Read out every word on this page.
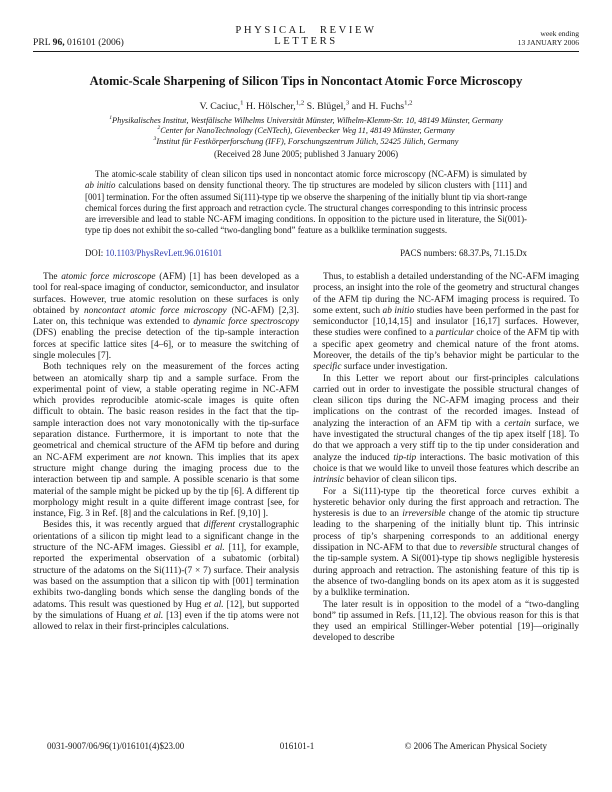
PRL 96, 016101 (2006)
PHYSICAL REVIEW LETTERS
week ending
13 JANUARY 2006
Atomic-Scale Sharpening of Silicon Tips in Noncontact Atomic Force Microscopy
V. Caciuc,$^1$ H. Hölscher,$^{1,2}$ S. Blügel,$^3$ and H. Fuchs$^{1,2}$

$^1$Physikalisches Institut, Westfälische Wilhelms Universität Münster, Wilhelm-Klemm-Str. 10, 48149 Münster, Germany

$^2$Center for NanoTechnology (CeNTech), Gievenbecker Weg 11, 48149 Münster, Germany

$^3$Institut für Festkörperforschung (IFF), Forschungszentrum Jülich, 52425 Jülich, Germany

(Received 28 June 2005; published 3 January 2006)
The atomic-scale stability of clean silicon tips used in noncontact atomic force microscopy (NC-AFM) is simulated by ab initio calculations based on density functional theory. The tip structures are modeled by silicon clusters with [111] and [001] termination. For the often assumed Si(111)-type tip we observe the sharpening of the initially blunt tip via short-range chemical forces during the first approach and retraction cycle. The structural changes corresponding to this intrinsic process are irreversible and lead to stable NC-AFM imaging conditions. In opposition to the picture used in literature, the Si(001)-type tip does not exhibit the so-called “two-dangling bond” feature as a bulklike termination suggests.
DOI: 10.1103/PhysRevLett.96.016101	PACS numbers: 68.37.Ps, 71.15.Dx

The atomic force microscope (AFM) [1] has been developed as a tool for real-space imaging of conductor, semiconductor, and insulator surfaces. However, true atomic resolution on these surfaces is only obtained by noncontact atomic force microscopy (NC-AFM) [2,3]. Later on, this technique was extended to dynamic force spectroscopy (DFS) enabling the precise detection of the tip-sample interaction forces at specific lattice sites [4–6], or to measure the switching of single molecules [7].

Both techniques rely on the measurement of the forces acting between an atomically sharp tip and a sample surface. From the experimental point of view, a stable operating regime in NC-AFM which provides reproducible atomic-scale images is quite often difficult to obtain. The basic reason resides in the fact that the tip-sample interaction does not vary monotonically with the tip-surface separation distance. Furthermore, it is important to note that the geometrical and chemical structure of the AFM tip before and during an NC-AFM experiment are not known. This implies that its apex structure might change during the imaging process due to the interaction between tip and sample. A possible scenario is that some material of the sample might be picked up by the tip [6]. A different tip morphology might result in a quite different image contrast [see, for instance, Fig. 3 in Ref. [8] and the calculations in Ref. [9,10] ].

Besides this, it was recently argued that different crystallographic orientations of a silicon tip might lead to a significant change in the structure of the NC-AFM images. Giessibl et al. [11], for example, reported the experimental observation of a subatomic (orbital) structure of the adatoms on the Si(111)-(7 × 7) surface. Their analysis was based on the assumption that a silicon tip with [001] termination exhibits two-dangling bonds which sense the dangling bonds of the adatoms. This result was questioned by Hug et al. [12], but supported by the simulations of Huang et al. [13] even if the tip atoms were not allowed to relax in their first-principles calculations.

Thus, to establish a detailed understanding of the NC-AFM imaging process, an insight into the role of the geometry and structural changes of the AFM tip during the NC-AFM imaging process is required. To some extent, such ab initio studies have been performed in the past for semiconductor [10,14,15] and insulator [16,17] surfaces. However, these studies were confined to a particular choice of the AFM tip with a specific apex geometry and chemical nature of the front atoms. Moreover, the details of the tip’s behavior might be particular to the specific surface under investigation.

In this Letter we report about our first-principles calculations carried out in order to investigate the possible structural changes of clean silicon tips during the NC-AFM imaging process and their implications on the contrast of the recorded images. Instead of analyzing the interaction of an AFM tip with a certain surface, we have investigated the structural changes of the tip apex itself [18]. To do that we approach a very stiff tip to the tip under consideration and analyze the induced tip-tip interactions. The basic motivation of this choice is that we would like to unveil those features which describe an intrinsic behavior of clean silicon tips.

For a Si(111)-type tip the theoretical force curves exhibit a hysteretic behavior only during the first approach and retraction. The hysteresis is due to an irreversible change of the atomic tip structure leading to the sharpening of the initially blunt tip. This intrinsic process of tip’s sharpening corresponds to an additional energy dissipation in NC-AFM to that due to reversible structural changes of the tip-sample system. A Si(001)-type tip shows negligible hysteresis during approach and retraction. The astonishing feature of this tip is the absence of two-dangling bonds on its apex atom as it is suggested by a bulklike termination.

The later result is in opposition to the model of a “two-dangling bond” tip assumed in Refs. [11,12]. The obvious reason for this is that they used an empirical Stillinger-Weber potential [19]—originally developed to describe

0031-9007/06/96(1)/016101(4)$23.00	016101-1	© 2006 The American Physical Society
